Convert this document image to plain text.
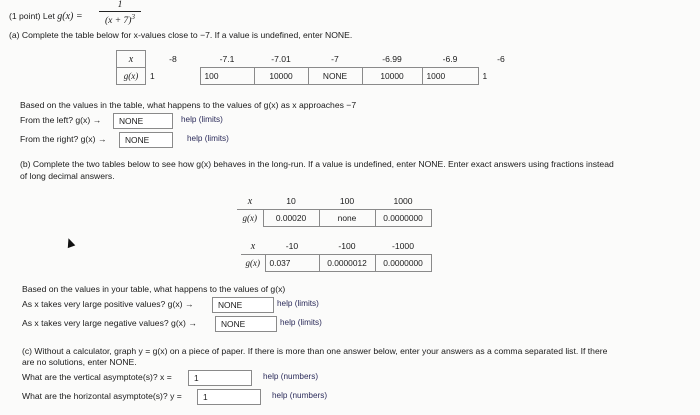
(1 point) Let g(x) =
1
$(x + 7)^3$
(a) Complete the table below for x-values close to −7. If a value is undefined, enter NONE.
x	-8	-7.1	-7.01	-7	-6.99	-6.9	-6
g(x)	1	100	10000	NONE	10000	1000	1
Based on the values in the table, what happens to the values of g(x) as x approaches −7
From the left? g(x) →	NONE	help (limits)
From the right? g(x) →	NONE	help (limits)
(b) Complete the two tables below to see how g(x) behaves in the long-run. If a value is undefined, enter NONE. Enter exact answers using fractions instead
of long decimal answers.
x	10	100	1000
g(x)	0.00020	none	0.0000000
x	-10	-100	-1000
g(x)	0.037	0.0000012	0.0000000
Based on the values in your table, what happens to the values of g(x)
As x takes very large positive values? g(x) →	NONE	help (limits)
As x takes very large negative values? g(x) →	NONE	help (limits)
(c) Without a calculator, graph y = g(x) on a piece of paper. If there is more than one answer below, enter your answers as a comma separated list. If there
are no solutions, enter NONE.
What are the vertical asymptote(s)? x =	1	help (numbers)
What are the horizontal asymptote(s)? y =	1	help (numbers)
